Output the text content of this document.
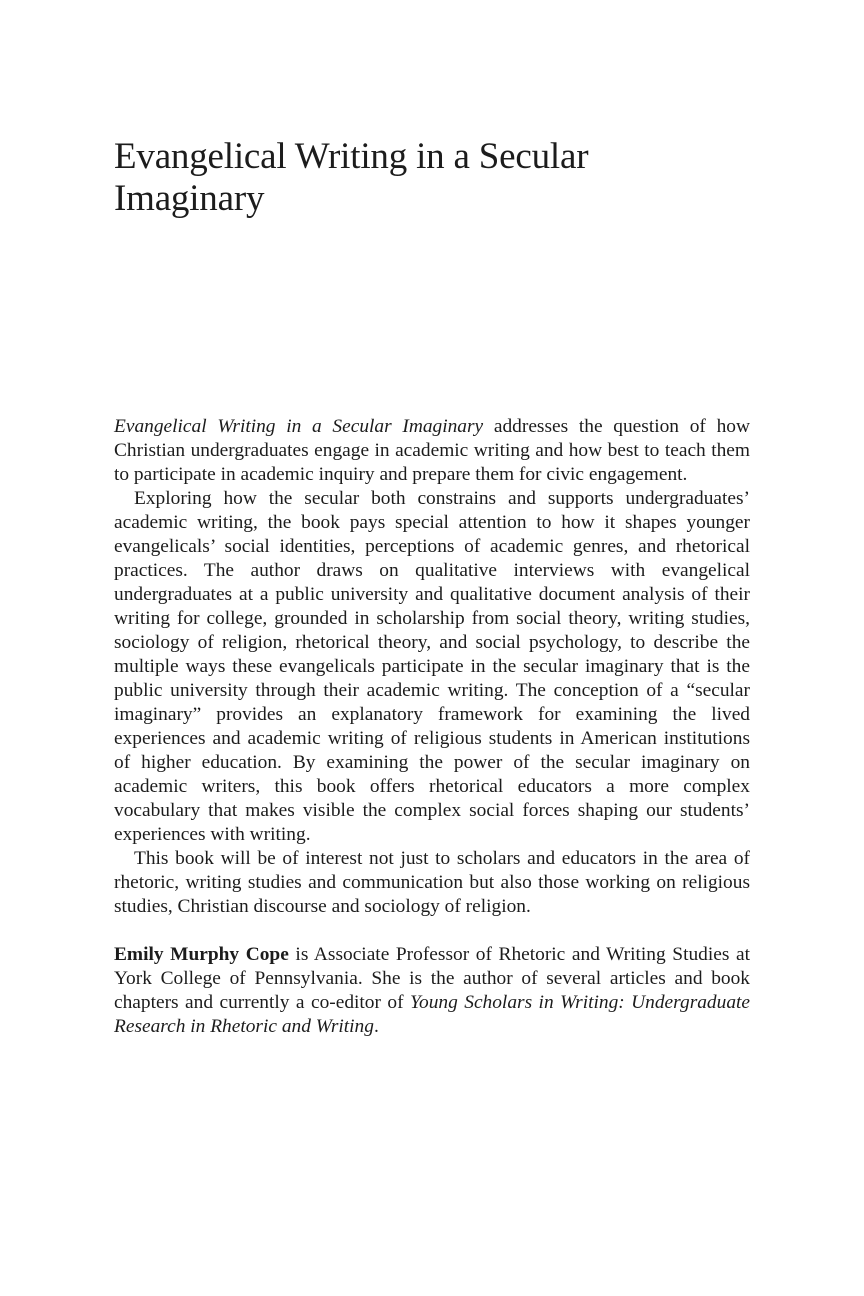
Evangelical Writing in a Secular
Imaginary

Evangelical Writing in a Secular Imaginary addresses the question of how Christian undergraduates engage in academic writing and how best to teach them to participate in academic inquiry and prepare them for civic engagement.

Exploring how the secular both constrains and supports undergraduates’ academic writing, the book pays special attention to how it shapes younger evangelicals’ social identities, perceptions of academic genres, and rhetorical practices. The author draws on qualitative interviews with evangelical undergraduates at a public university and qualitative document analysis of their writing for college, grounded in scholarship from social theory, writing studies, sociology of religion, rhetorical theory, and social psychology, to describe the multiple ways these evangelicals participate in the secular imaginary that is the public university through their academic writing. The conception of a “secular imaginary” provides an explanatory framework for examining the lived experiences and academic writing of religious students in American institutions of higher education. By examining the power of the secular imaginary on academic writers, this book offers rhetorical educators a more complex vocabulary that makes visible the complex social forces shaping our students’ experiences with writing.

This book will be of interest not just to scholars and educators in the area of rhetoric, writing studies and communication but also those working on religious studies, Christian discourse and sociology of religion.

Emily Murphy Cope is Associate Professor of Rhetoric and Writing Studies at York College of Pennsylvania. She is the author of several articles and book chapters and currently a co-editor of Young Scholars in Writing: Undergraduate Research in Rhetoric and Writing.
